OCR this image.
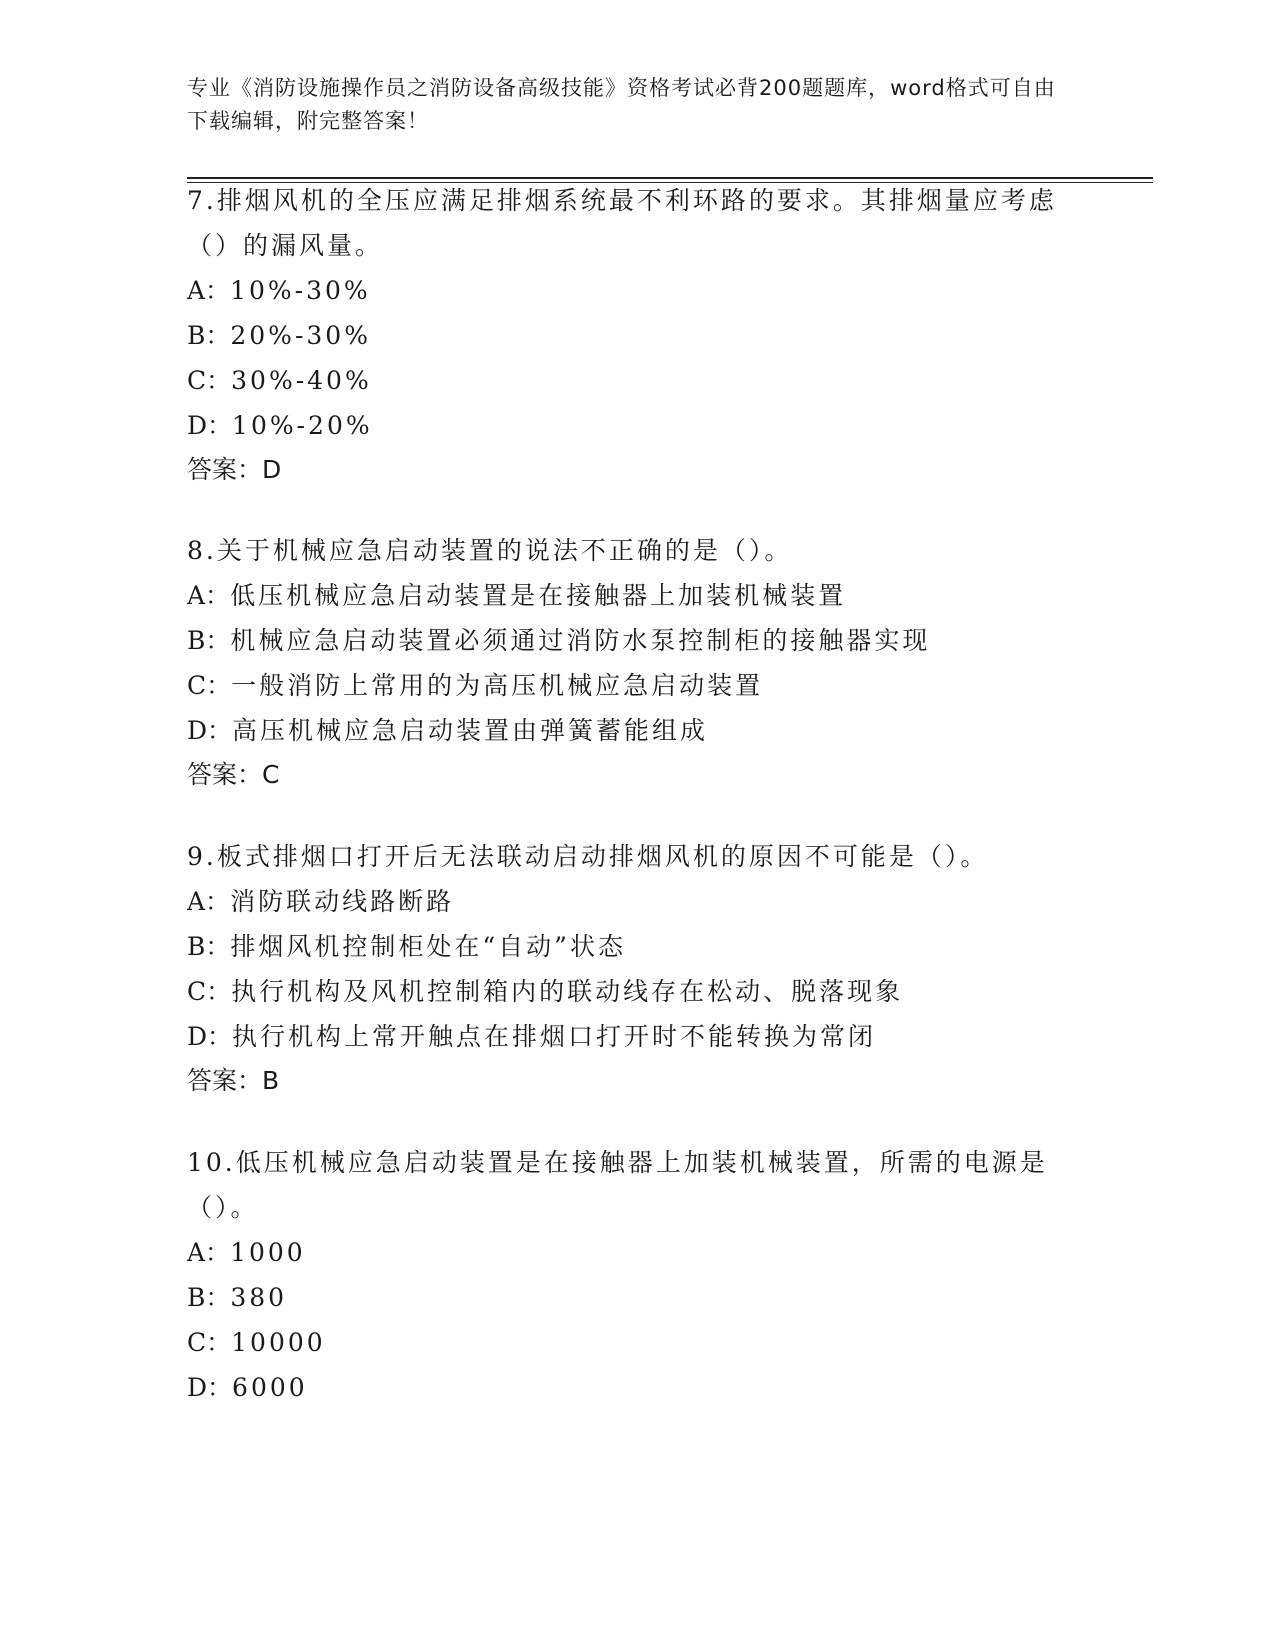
专业《消防设施操作员之消防设备高级技能》资格考试必背200题题库，word格式可自由下载编辑，附完整答案！

7.排烟风机的全压应满足排烟系统最不利环路的要求。其排烟量应考虑（）的漏风量。

A：10%-30%

B：20%-30%

C：30%-40%

D：10%-20%

答案：D

8.关于机械应急启动装置的说法不正确的是（）。

A：低压机械应急启动装置是在接触器上加装机械装置

B：机械应急启动装置必须通过消防水泵控制柜的接触器实现

C：一般消防上常用的为高压机械应急启动装置

D：高压机械应急启动装置由弹簧蓄能组成

答案：C

9.板式排烟口打开后无法联动启动排烟风机的原因不可能是（）。

A：消防联动线路断路

B：排烟风机控制柜处在“自动”状态

C：执行机构及风机控制箱内的联动线存在松动、脱落现象

D：执行机构上常开触点在排烟口打开时不能转换为常闭

答案：B

10.低压机械应急启动装置是在接触器上加装机械装置，所需的电源是（）。

A：1000

B：380

C：10000

D：6000
